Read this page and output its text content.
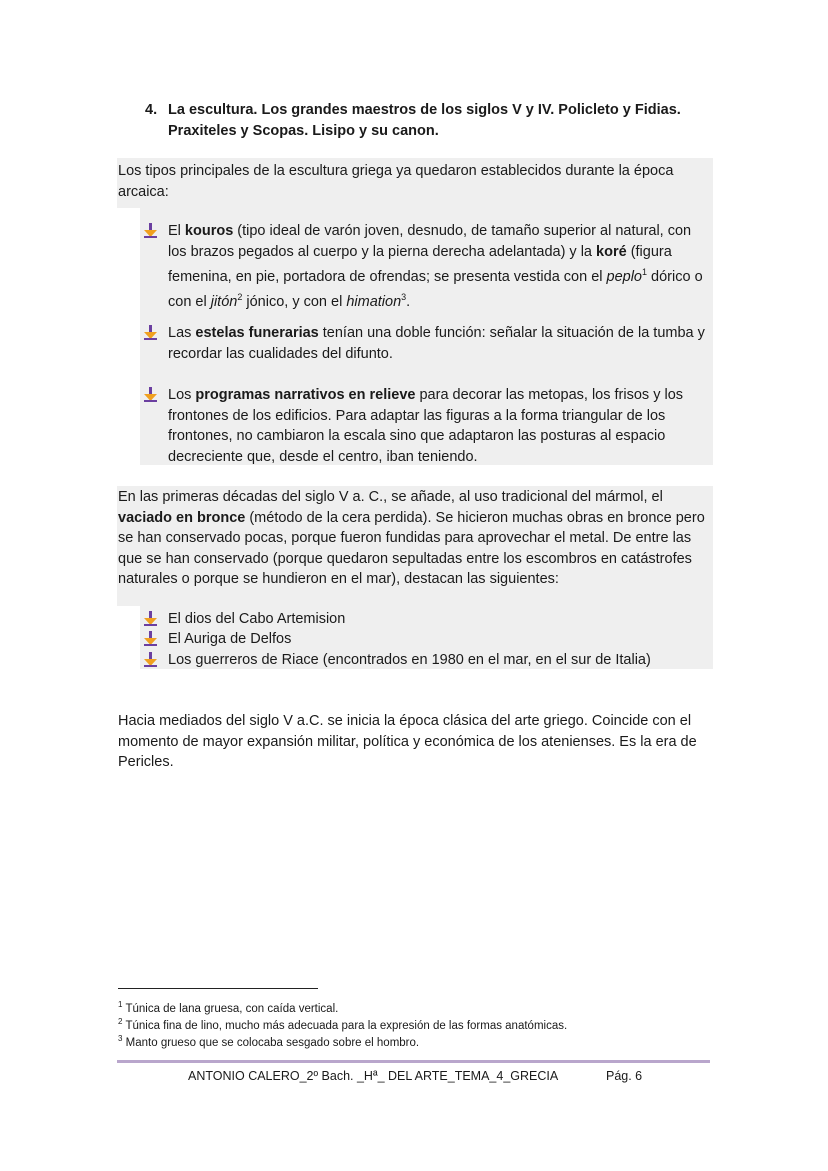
4. La escultura. Los grandes maestros de los siglos V y IV. Policleto y Fidias.
Praxiteles y Scopas. Lisipo y su canon.
Los tipos principales de la escultura griega ya quedaron establecidos durante la época arcaica:
El kouros (tipo ideal de varón joven, desnudo, de tamaño superior al natural, con los brazos pegados al cuerpo y la pierna derecha adelantada) y la koré (figura femenina, en pie, portadora de ofrendas; se presenta vestida con el peplo$^1$ dórico o con el jitón$^2$ jónico, y con el himation$^3$.
Las estelas funerarias tenían una doble función: señalar la situación de la tumba y recordar las cualidades del difunto.
Los programas narrativos en relieve para decorar las metopas, los frisos y los frontones de los edificios. Para adaptar las figuras a la forma triangular de los frontones, no cambiaron la escala sino que adaptaron las posturas al espacio decreciente que, desde el centro, iban teniendo.
En las primeras décadas del siglo V a. C., se añade, al uso tradicional del mármol, el vaciado en bronce (método de la cera perdida). Se hicieron muchas obras en bronce pero se han conservado pocas, porque fueron fundidas para aprovechar el metal. De entre las que se han conservado (porque quedaron sepultadas entre los escombros en catástrofes naturales o porque se hundieron en el mar), destacan las siguientes:
El dios del Cabo Artemision
El Auriga de Delfos
Los guerreros de Riace (encontrados en 1980 en el mar, en el sur de Italia)
Hacia mediados del siglo V a.C. se inicia la época clásica del arte griego. Coincide con el momento de mayor expansión militar, política y económica de los atenienses. Es la era de Pericles.
$^1$ Túnica de lana gruesa, con caída vertical.
$^2$ Túnica fina de lino, mucho más adecuada para la expresión de las formas anatómicas.
$^3$ Manto grueso que se colocaba sesgado sobre el hombro.
ANTONIO CALERO_2º Bach. _Hª_ DEL ARTE_TEMA_4_GRECIA	Pág. 6
